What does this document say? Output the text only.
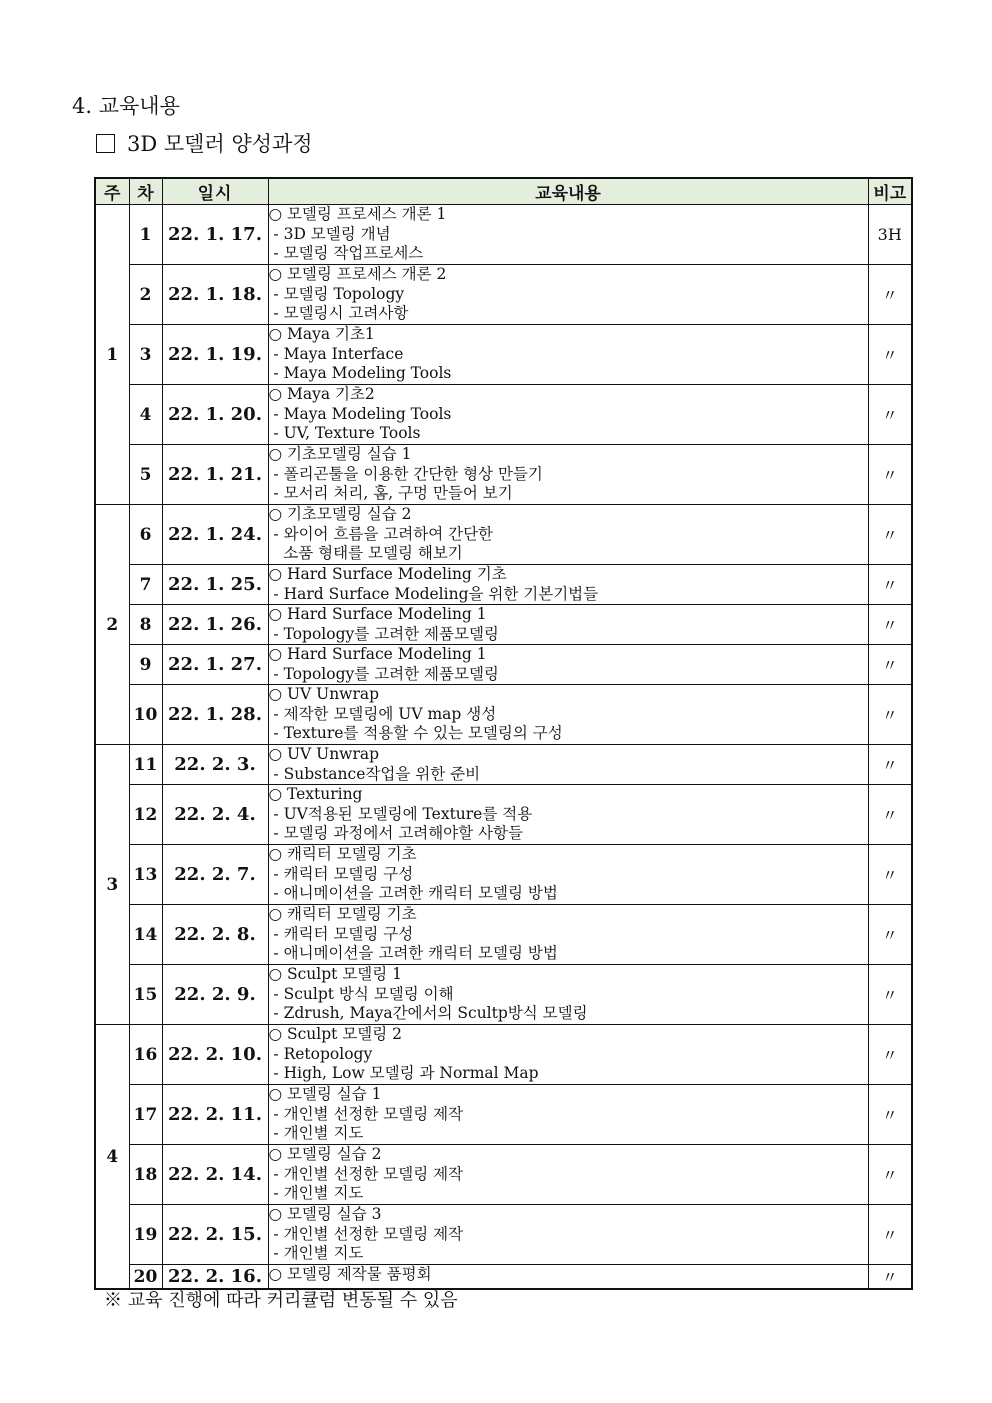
4. 교육내용
3D 모델러 양성과정
주	차	일시	교육내용	비고
1	1	22. 1. 17.	○ 모델링 프로세스 개론 1
- 3D 모델링 개념
- 모델링 작업프로세스	3H
	2	22. 1. 18.	○ 모델링 프로세스 개론 2
- 모델링 Topology
- 모델링시 고려사항	〃
	3	22. 1. 19.	○ Maya 기초1
- Maya Interface
- Maya Modeling Tools	〃
	4	22. 1. 20.	○ Maya 기초2
- Maya Modeling Tools
- UV, Texture Tools	〃
	5	22. 1. 21.	○ 기초모델링 실습 1
- 폴리곤툴을 이용한 간단한 형상 만들기
- 모서리 처리, 홈, 구멍 만들어 보기	〃
2	6	22. 1. 24.	○ 기초모델링 실습 2
- 와이어 흐름을 고려하여 간단한
소품 형태를 모델링 해보기	〃
	7	22. 1. 25.	○ Hard Surface Modeling 기초
- Hard Surface Modeling을 위한 기본기법들	〃
	8	22. 1. 26.	○ Hard Surface Modeling 1
- Topology를 고려한 제품모델링	〃
	9	22. 1. 27.	○ Hard Surface Modeling 1
- Topology를 고려한 제품모델링	〃
	10	22. 1. 28.	○ UV Unwrap
- 제작한 모델링에 UV map 생성
- Texture를 적용할 수 있는 모델링의 구성	〃
3	11	22. 2. 3.	○ UV Unwrap
- Substance작업을 위한 준비	〃
	12	22. 2. 4.	○ Texturing
- UV적용된 모델링에 Texture를 적용
- 모델링 과정에서 고려해야할 사항들	〃
	13	22. 2. 7.	○ 캐릭터 모델링 기초
- 캐릭터 모델링 구성
- 애니메이션을 고려한 캐릭터 모델링 방법	〃
	14	22. 2. 8.	○ 캐릭터 모델링 기초
- 캐릭터 모델링 구성
- 애니메이션을 고려한 캐릭터 모델링 방법	〃
	15	22. 2. 9.	○ Sculpt 모델링 1
- Sculpt 방식 모델링 이해
- Zdrush, Maya간에서의 Scultp방식 모델링	〃
4	16	22. 2. 10.	○ Sculpt 모델링 2
- Retopology
- High, Low 모델링 과 Normal Map	〃
	17	22. 2. 11.	○ 모델링 실습 1
- 개인별 선정한 모델링 제작
- 개인별 지도	〃
	18	22. 2. 14.	○ 모델링 실습 2
- 개인별 선정한 모델링 제작
- 개인별 지도	〃
	19	22. 2. 15.	○ 모델링 실습 3
- 개인별 선정한 모델링 제작
- 개인별 지도	〃
	20	22. 2. 16.	○ 모델링 제작물 품평회	〃
※ 교육 진행에 따라 커리큘럼 변동될 수 있음
